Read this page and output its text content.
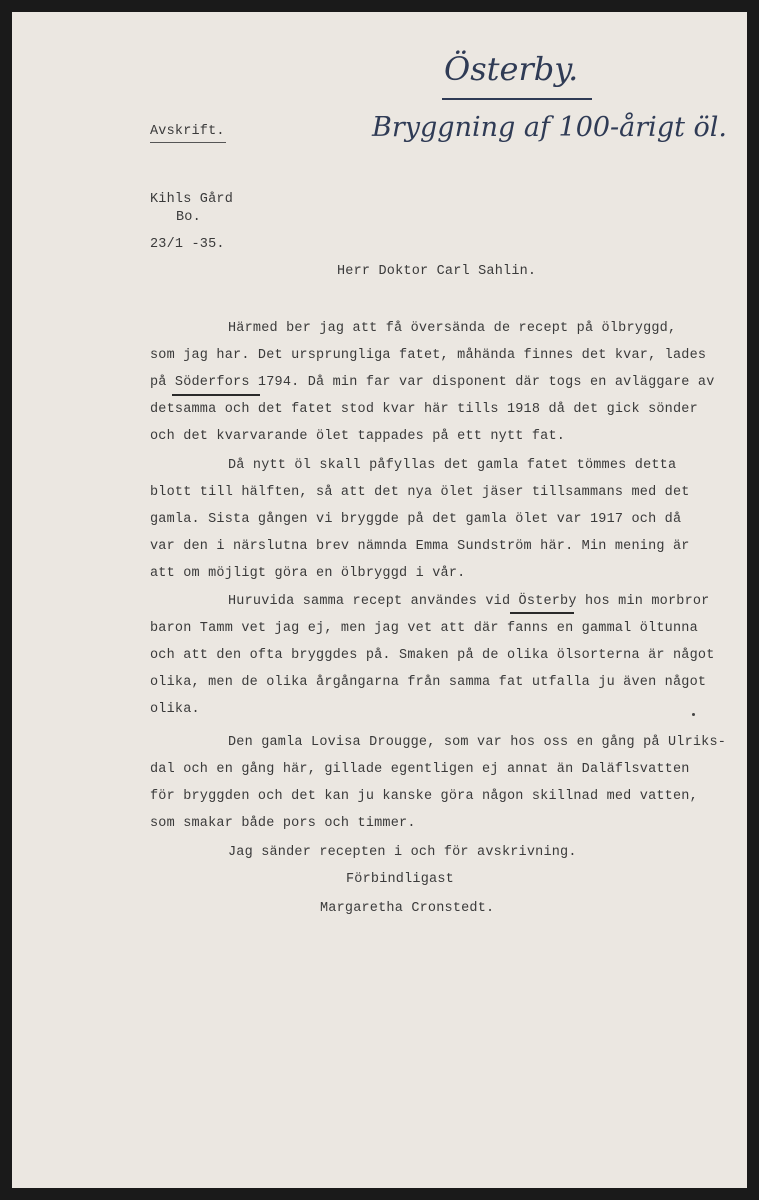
Österby.
Bryggning af 100-årigt öl.
Avskrift.
Kihls Gård
Bo.
23/1 -35.
Herr Doktor Carl Sahlin.
Härmed ber jag att få översända de recept på ölbryggd,
som jag har. Det ursprungliga fatet, måhända finnes det kvar, lades
på Söderfors 1794. Då min far var disponent där togs en avläggare av
detsamma och det fatet stod kvar här tills 1918 då det gick sönder
och det kvarvarande ölet tappades på ett nytt fat.
Då nytt öl skall påfyllas det gamla fatet tömmes detta
blott till hälften, så att det nya ölet jäser tillsammans med det
gamla. Sista gången vi bryggde på det gamla ölet var 1917 och då
var den i närslutna brev nämnda Emma Sundström här. Min mening är
att om möjligt göra en ölbryggd i vår.
Huruvida samma recept användes vid Österby hos min morbror
baron Tamm vet jag ej, men jag vet att där fanns en gammal öltunna
och att den ofta bryggdes på. Smaken på de olika ölsorterna är något
olika, men de olika årgångarna från samma fat utfalla ju även något
olika.
Den gamla Lovisa Drougge, som var hos oss en gång på Ulriks-
dal och en gång här, gillade egentligen ej annat än Daläflsvatten
för bryggden och det kan ju kanske göra någon skillnad med vatten,
som smakar både pors och timmer.
Jag sänder recepten i och för avskrivning.
Förbindligast
Margaretha Cronstedt.
